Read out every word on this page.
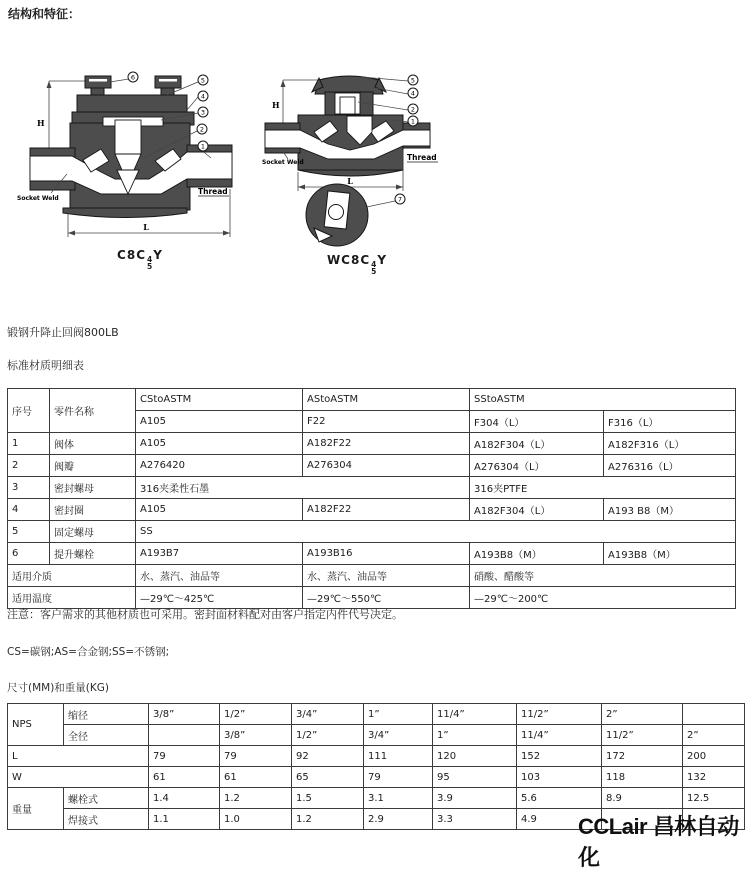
结构和特征：
H
6	5
4
3
2
1
Socket Weld
Thread
L
C8C 4
5
Y
H
5
4
2
1
7
Socket Weld
Thread
L
WC8C 4
5
Y
锻钢升降止回阀800LB
标准材质明细表
序号	零件名称	CStoASTM	AStoASTM	SStoASTM	
		A105	F22	F304（L）	F316（L）
1	阀体	A105	A182F22	A182F304（L）	A182F316（L）
2	阀瓣	A276420	A276304	A276304（L）	A276316（L）
3	密封螺母	316夹柔性石墨		316夹PTFE	
4	密封圈	A105	A182F22	A182F304（L）	A193 B8（M）
5	固定螺母	SS			
6	提升螺栓	A193B7	A193B16	A193B8（M）	A193B8（M）
适用介质		水、蒸汽、油品等	水、蒸汽、油品等	硝酸、醋酸等	
适用温度		—29℃～425℃	—29℃～550℃	—29℃～200℃	
注意：客户需求的其他材质也可采用。密封面材料配对由客户指定内件代号决定。
CS=碳钢;AS=合金钢;SS=不锈钢;
尺寸(MM)和重量(KG)
NPS	缩径	3/8”	1/2”	3/4”	1”	11/4”	11/2”	2”	
	全径		3/8”	1/2”	3/4”	1”	11/4”	11/2”	2”
L		79	79	92	111	120	152	172	200
W		61	61	65	79	95	103	118	132
重量	螺栓式	1.4	1.2	1.5	3.1	3.9	5.6	8.9	12.5
	焊接式	1.1	1.0	1.2	2.9	3.3	4.9		CCLair 昌林自动化
